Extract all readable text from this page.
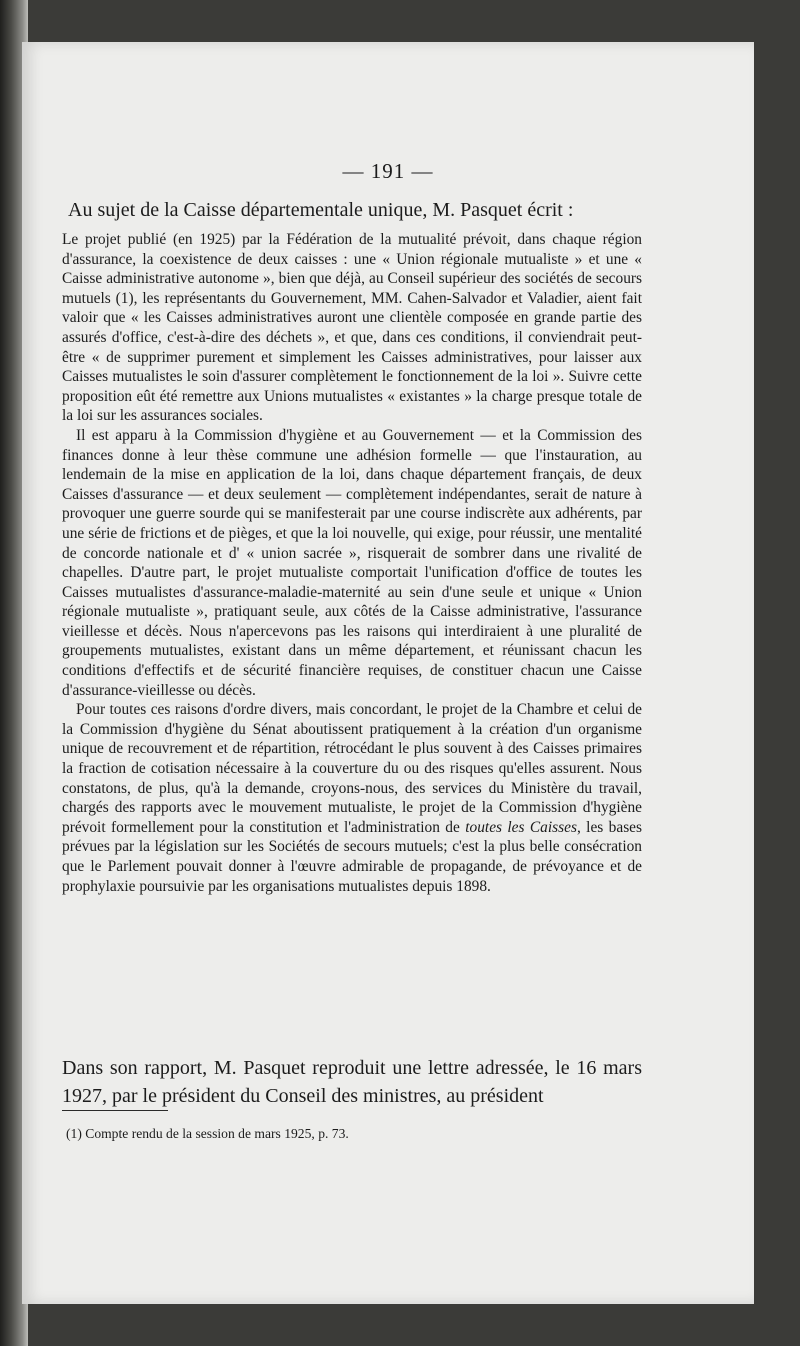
— 191 —
Au sujet de la Caisse départementale unique, M. Pasquet écrit :

Le projet publié (en 1925) par la Fédération de la mutualité prévoit, dans chaque région d'assurance, la coexistence de deux caisses : une « Union régionale mutualiste » et une « Caisse administrative autonome », bien que déjà, au Conseil supérieur des sociétés de secours mutuels (1), les représentants du Gouvernement, MM. Cahen-Salvador et Valadier, aient fait valoir que « les Caisses administratives auront une clientèle composée en grande partie des assurés d'office, c'est-à-dire des déchets », et que, dans ces conditions, il conviendrait peut-être « de supprimer purement et simplement les Caisses administratives, pour laisser aux Caisses mutualistes le soin d'assurer complètement le fonctionnement de la loi ». Suivre cette proposition eût été remettre aux Unions mutualistes « existantes » la charge presque totale de la loi sur les assurances sociales.

Il est apparu à la Commission d'hygiène et au Gouvernement — et la Commission des finances donne à leur thèse commune une adhésion formelle — que l'instauration, au lendemain de la mise en application de la loi, dans chaque département français, de deux Caisses d'assurance — et deux seulement — complètement indépendantes, serait de nature à provoquer une guerre sourde qui se manifesterait par une course indiscrète aux adhérents, par une série de frictions et de pièges, et que la loi nouvelle, qui exige, pour réussir, une mentalité de concorde nationale et d' « union sacrée », risquerait de sombrer dans une rivalité de chapelles. D'autre part, le projet mutualiste comportait l'unification d'office de toutes les Caisses mutualistes d'assurance-maladie-maternité au sein d'une seule et unique « Union régionale mutualiste », pratiquant seule, aux côtés de la Caisse administrative, l'assurance vieillesse et décès. Nous n'apercevons pas les raisons qui interdiraient à une pluralité de groupements mutualistes, existant dans un même département, et réunissant chacun les conditions d'effectifs et de sécurité financière requises, de constituer chacun une Caisse d'assurance-vieillesse ou décès.

Pour toutes ces raisons d'ordre divers, mais concordant, le projet de la Chambre et celui de la Commission d'hygiène du Sénat aboutissent pratiquement à la création d'un organisme unique de recouvrement et de répartition, rétrocédant le plus souvent à des Caisses primaires la fraction de cotisation nécessaire à la couverture du ou des risques qu'elles assurent. Nous constatons, de plus, qu'à la demande, croyons-nous, des services du Ministère du travail, chargés des rapports avec le mouvement mutualiste, le projet de la Commission d'hygiène prévoit formellement pour la constitution et l'administration de toutes les Caisses, les bases prévues par la législation sur les Sociétés de secours mutuels; c'est la plus belle consécration que le Parlement pouvait donner à l'œuvre admirable de propagande, de prévoyance et de prophylaxie poursuivie par les organisations mutualistes depuis 1898.

Dans son rapport, M. Pasquet reproduit une lettre adressée, le 16 mars 1927, par le président du Conseil des ministres, au président
(1) Compte rendu de la session de mars 1925, p. 73.
